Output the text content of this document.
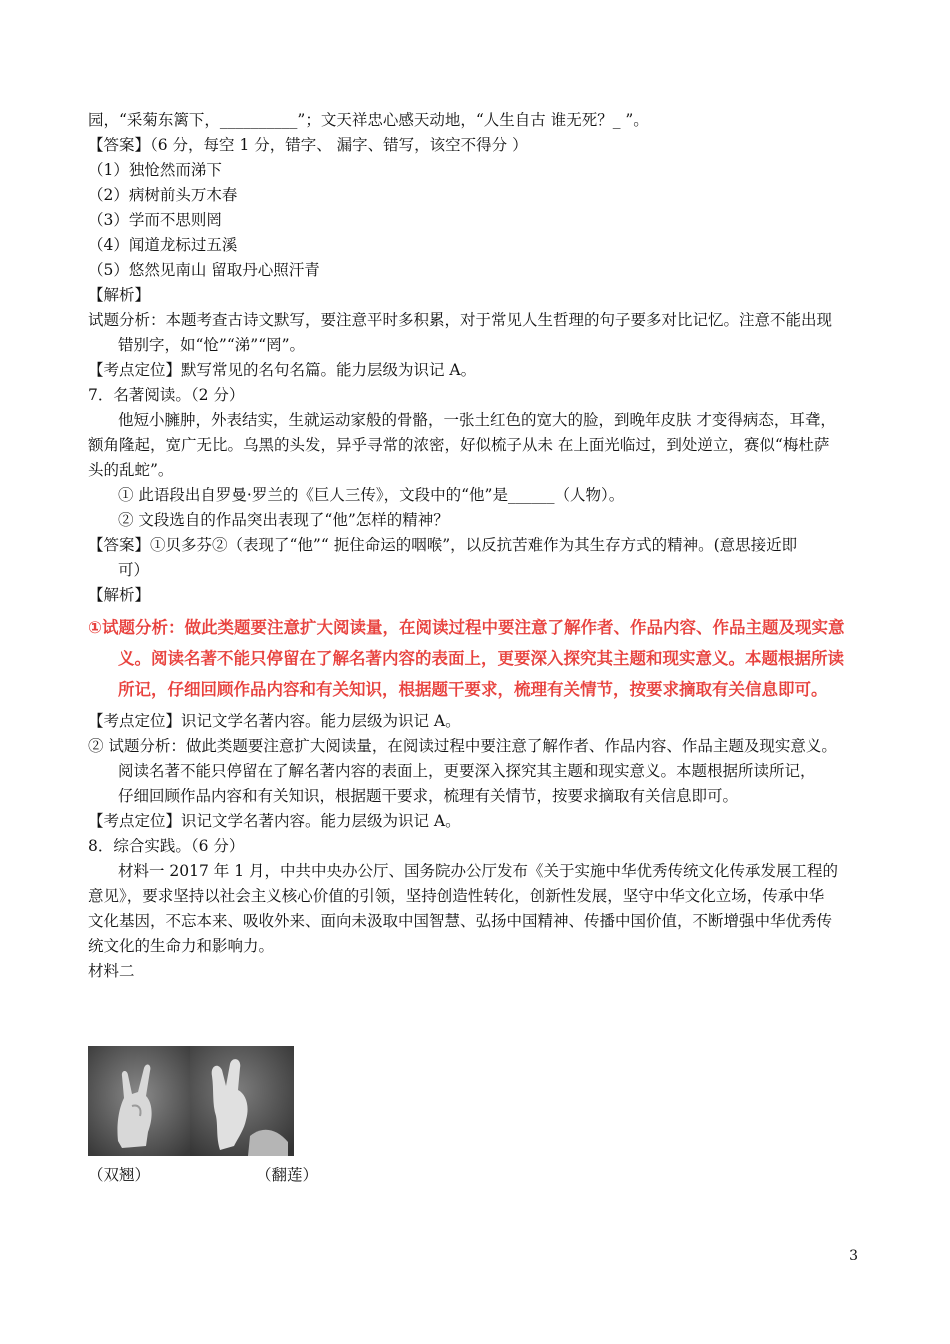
园，“采菊东篱下，__________”；文天祥忠心感天动地，“人生自古 谁无死？_ ”。

【答案】（6 分，每空 1 分，错字、 漏字、错写，该空不得分 ）

（1）独怆然而涕下

（2）病树前头万木春

（3）学而不思则罔

（4）闻道龙标过五溪

（5）悠然见南山 留取丹心照汗青

【解析】

试题分析：本题考查古诗文默写，要注意平时多积累，对于常见人生哲理的句子要多对比记忆。注意不能出现

错别字，如“怆”“涕”“罔”。

【考点定位】默写常见的名句名篇。能力层级为识记 A。

7．名著阅读。（2 分）

他短小臃肿，外表结实，生就运动家般的骨骼，一张土红色的宽大的脸，到晚年皮肤 才变得病态，耳聋，

额角隆起，宽广无比。乌黑的头发，异乎寻常的浓密，好似梳子从未 在上面光临过，到处逆立，赛似“梅杜萨

头的乱蛇”。

① 此语段出自罗曼·罗兰的《巨人三传》，文段中的“他”是______（人物）。

② 文段选自的作品突出表现了“他”怎样的精神？

【答案】①贝多芬②（表现了“他”“ 扼住命运的咽喉”，以反抗苦难作为其生存方式的精神。(意思接近即

可）

【解析】

①试题分析：做此类题要注意扩大阅读量，在阅读过程中要注意了解作者、作品内容、作品主题及现实意
义。阅读名著不能只停留在了解名著内容的表面上，更要深入探究其主题和现实意义。本题根据所读
所记，仔细回顾作品内容和有关知识，根据题干要求，梳理有关情节，按要求摘取有关信息即可。

【考点定位】识记文学名著内容。能力层级为识记 A。

② 试题分析：做此类题要注意扩大阅读量，在阅读过程中要注意了解作者、作品内容、作品主题及现实意义。

阅读名著不能只停留在了解名著内容的表面上，更要深入探究其主题和现实意义。本题根据所读所记，

仔细回顾作品内容和有关知识，根据题干要求，梳理有关情节，按要求摘取有关信息即可。

【考点定位】识记文学名著内容。能力层级为识记 A。

8．综合实践。（6 分）

材料一 2017 年 1 月，中共中央办公厅、国务院办公厅发布《关于实施中华优秀传统文化传承发展工程的

意见》，要求坚持以社会主义核心价值的引领，坚持创造性转化，创新性发展，坚守中华文化立场，传承中华

文化基因，不忘本来、吸收外来、面向未汲取中国智慧、弘扬中国精神、传播中国价值，不断增强中华优秀传

统文化的生命力和影响力。

材料二

（双翘）	（翻莲）
3
